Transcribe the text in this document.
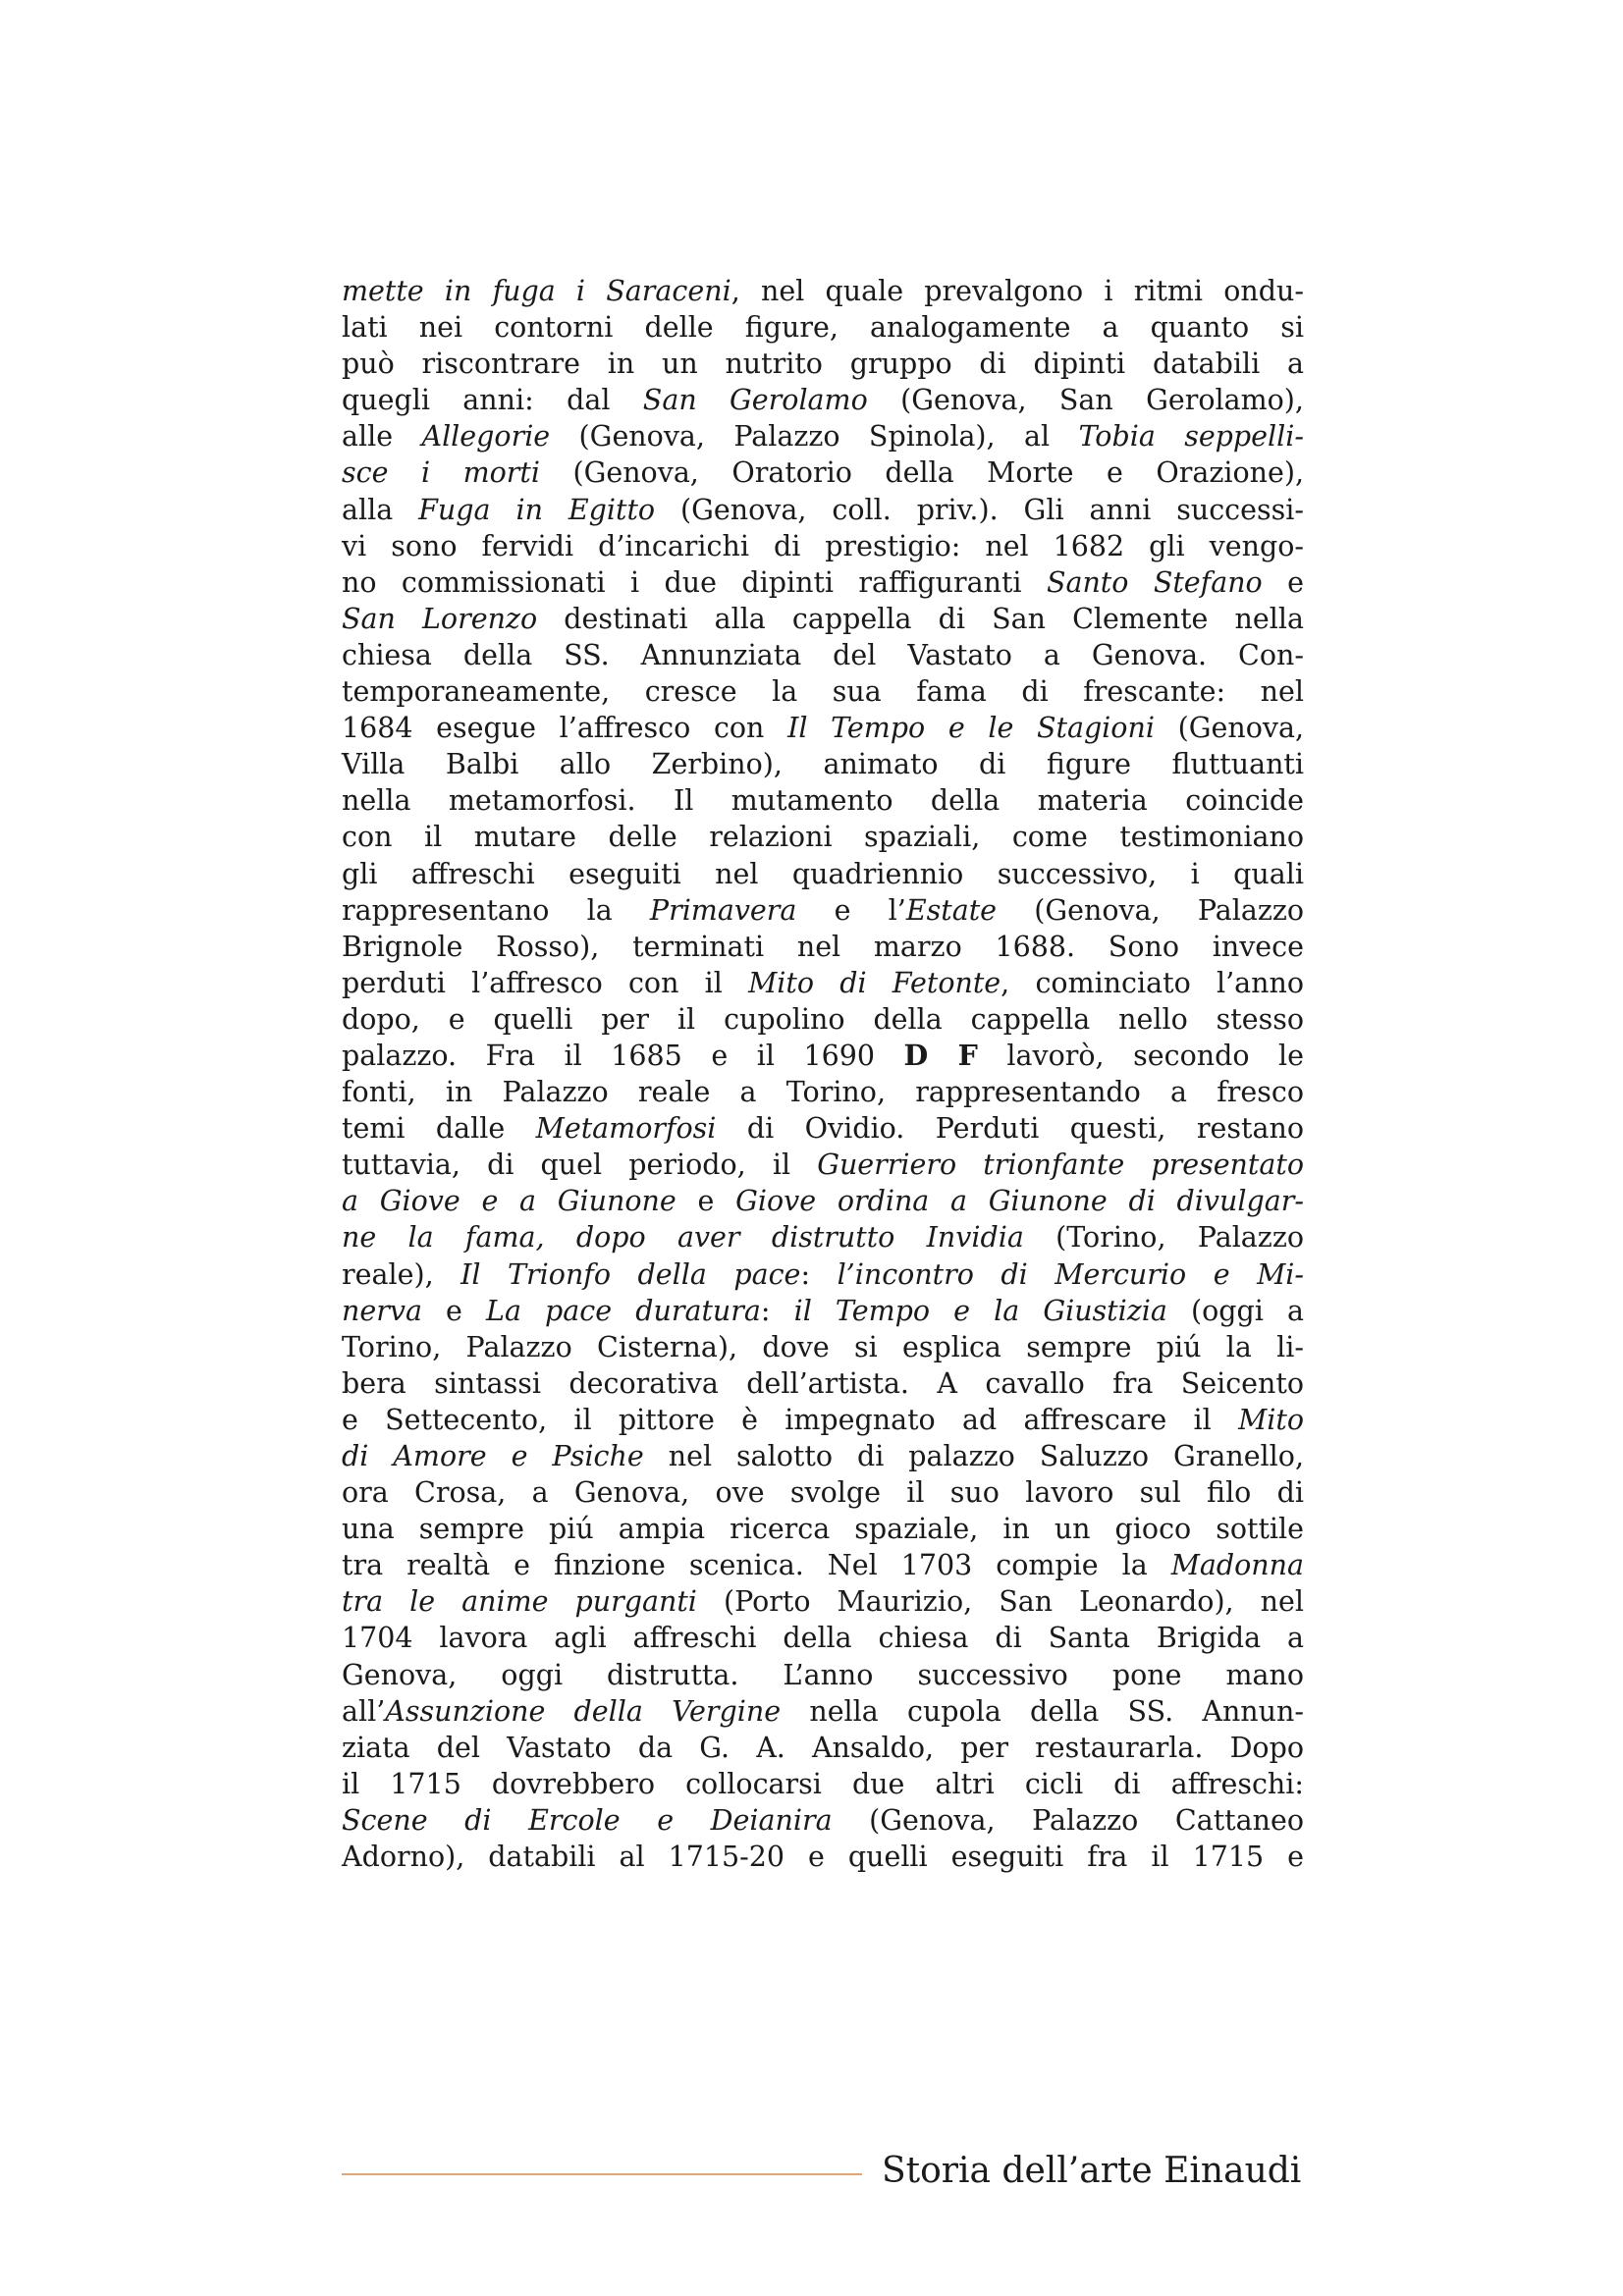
mette in fuga i Saraceni, nel quale prevalgono i ritmi ondu-
lati nei contorni delle figure, analogamente a quanto si
può riscontrare in un nutrito gruppo di dipinti databili a
quegli anni: dal San Gerolamo (Genova, San Gerolamo),
alle Allegorie (Genova, Palazzo Spinola), al Tobia seppelli-
sce i morti (Genova, Oratorio della Morte e Orazione),
alla Fuga in Egitto (Genova, coll. priv.). Gli anni successi-
vi sono fervidi d’incarichi di prestigio: nel 1682 gli vengo-
no commissionati i due dipinti raffiguranti Santo Stefano e
San Lorenzo destinati alla cappella di San Clemente nella
chiesa della SS. Annunziata del Vastato a Genova. Con-
temporaneamente, cresce la sua fama di frescante: nel
1684 esegue l’affresco con Il Tempo e le Stagioni (Genova,
Villa Balbi allo Zerbino), animato di figure fluttuanti
nella metamorfosi. Il mutamento della materia coincide
con il mutare delle relazioni spaziali, come testimoniano
gli affreschi eseguiti nel quadriennio successivo, i quali
rappresentano la Primavera e l’Estate (Genova, Palazzo
Brignole Rosso), terminati nel marzo 1688. Sono invece
perduti l’affresco con il Mito di Fetonte, cominciato l’anno
dopo, e quelli per il cupolino della cappella nello stesso
palazzo. Fra il 1685 e il 1690 D F lavorò, secondo le
fonti, in Palazzo reale a Torino, rappresentando a fresco
temi dalle Metamorfosi di Ovidio. Perduti questi, restano
tuttavia, di quel periodo, il Guerriero trionfante presentato
a Giove e a Giunone e Giove ordina a Giunone di divulgar-
ne la fama, dopo aver distrutto Invidia (Torino, Palazzo
reale), Il Trionfo della pace: l’incontro di Mercurio e Mi-
nerva e La pace duratura: il Tempo e la Giustizia (oggi a
Torino, Palazzo Cisterna), dove si esplica sempre piú la li-
bera sintassi decorativa dell’artista. A cavallo fra Seicento
e Settecento, il pittore è impegnato ad affrescare il Mito
di Amore e Psiche nel salotto di palazzo Saluzzo Granello,
ora Crosa, a Genova, ove svolge il suo lavoro sul filo di
una sempre piú ampia ricerca spaziale, in un gioco sottile
tra realtà e finzione scenica. Nel 1703 compie la Madonna
tra le anime purganti (Porto Maurizio, San Leonardo), nel
1704 lavora agli affreschi della chiesa di Santa Brigida a
Genova, oggi distrutta. L’anno successivo pone mano
all’Assunzione della Vergine nella cupola della SS. Annun-
ziata del Vastato da G. A. Ansaldo, per restaurarla. Dopo
il 1715 dovrebbero collocarsi due altri cicli di affreschi:
Scene di Ercole e Deianira (Genova, Palazzo Cattaneo
Adorno), databili al 1715-20 e quelli eseguiti fra il 1715 e
Storia dell’arte Einaudi
